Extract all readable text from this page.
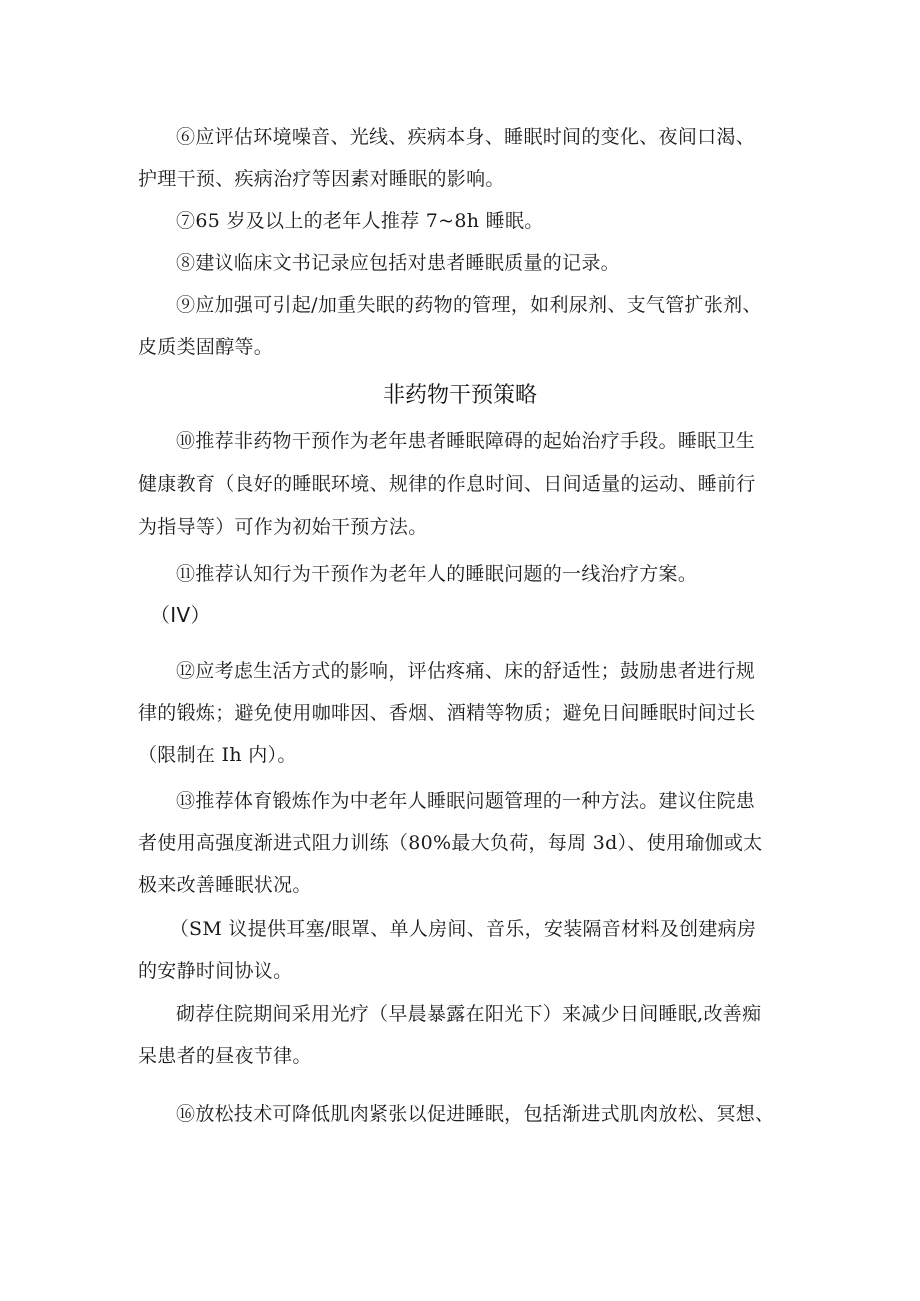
⑥应评估环境噪音、光线、疾病本身、睡眠时间的变化、夜间口渴、
护理干预、疾病治疗等因素对睡眠的影响。
⑦65 岁及以上的老年人推荐 7~8h 睡眠。
⑧建议临床文书记录应包括对患者睡眠质量的记录。
⑨应加强可引起/加重失眠的药物的管理，如利尿剂、支气管扩张剂、
皮质类固醇等。
非药物干预策略
⑩推荐非药物干预作为老年患者睡眠障碍的起始治疗手段。睡眠卫生
健康教育（良好的睡眠环境、规律的作息时间、日间适量的运动、睡前行
为指导等）可作为初始干预方法。
⑪推荐认知行为干预作为老年人的睡眠问题的一线治疗方案。
（IV）
⑫应考虑生活方式的影响，评估疼痛、床的舒适性；鼓励患者进行规
律的锻炼；避免使用咖啡因、香烟、酒精等物质；避免日间睡眠时间过长
（限制在 Ih 内）。
⑬推荐体育锻炼作为中老年人睡眠问题管理的一种方法。建议住院患
者使用高强度渐进式阻力训练（80%最大负荷，每周 3d）、使用瑜伽或太
极来改善睡眠状况。
（SM 议提供耳塞/眼罩、单人房间、音乐，安装隔音材料及创建病房
的安静时间协议。
砌荐住院期间采用光疗（早晨暴露在阳光下）来减少日间睡眠,改善痴
呆患者的昼夜节律。
⑯放松技术可降低肌肉紧张以促进睡眠，包括渐进式肌肉放松、冥想、
